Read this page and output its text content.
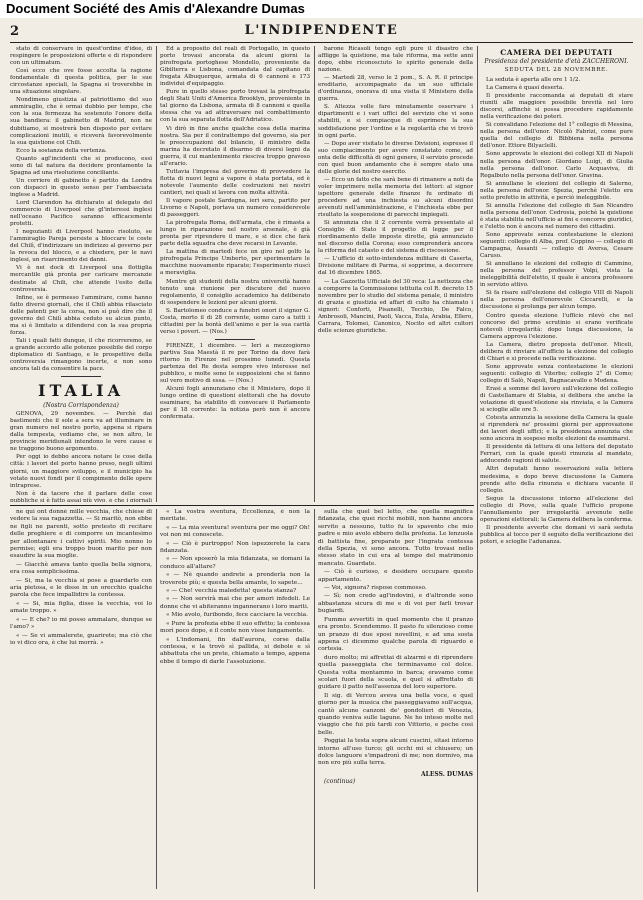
Document Société des Amis d'Alexandre Dumas
2	L'INDIPENDENTE

stato di conservare in quest'ordine d'idee, di respingere le proposizioni offerte e di rispondere con un ultimatum.

Così ecco che ove fosse accolta la ragione fondamentale di questa politica, per le sue circostanze speciali, la Spagna si troverebbe in una situazione singolare.

Nondimeno giustizia al patriottismo del suo ammiraglio, che è ormai dubbio per tempo, che con la sua fermezza ha sostenuto l'onore della sua bandiera: il gabinetto di Madrid, non ne dubitiamo, si mostrerà ben disposto per evitare complicazioni inutili, e riceverà favorevolmente la sua quistione col Chili.

Ecco la sostanza della vertenza.

Quanto agl'incidenti che si producono, essi sono di tal natura da decidere prontamente la Spagna ad una risoluzione conciliante.

Un corriere di gabinetto è partito da Londra con dispacci in questo senso per l'ambasciata inglese a Madrid.

Lord Clarendon ha dichiarato al delegato del commercio di Liverpool che gl'interessi inglesi nell'oceano Pacifico saranno efficacemente protetti.

I negozianti di Liverpool hanno risoluto, se l'ammiraglio Pareja persiste a bloccare le coste del Chilì, d'indirizzare un indirizzo al governo per la revoca del blocco, e a chiedere, per le navi inglesi, un risarcimento dei danni.

Vi è nei dock di Liverpool una flottiglia mercantile già pronta per caricare mercanzie destinate al Chili, che attende l'esito della controversia.

Infine, se è permesso l'ammirare, come hanno fatto diversi giornali, che il Chilì abbia rilasciato delle patenti per la corsa, non si può dire che il governo del Chilì abbia ceduto su alcun punto, ma si è limitato a difendersi con la sua propria forza.

Tali i quali fatti dunque, il che ricorreremo, se a grande accordo alle potenze possibile del corpo diplomatico di Santiago, e le prospettive della controversia rimangono incerte, e non sono ancora tali da consentire la pace.

ITALIA
(Nostra Corrispondenza)

GENOVA, 29 novembre. — Perchè dai bastimenti che il sole a sera va ad illuminare in gran numero nel nostro porto, appena si ripara dalla tempesta, vediamo che, se non altro, le provincie meridionali intendono le vere cause e ne traggono buono argomento.

Per oggi io debbo ancora notare le cose della città: i lavori del porto hanno preso, negli ultimi giorni, un maggiore sviluppo, e il municipio ha votato nuovi fondi per il compimento delle opere intraprese.

Non è da tacere che il parlare delle cose pubbliche si è fatto assai più vivo, e che i giornali

Ed a proposito del reali di Portogallo, in questo porto trovasi ancorata da alcuni giorni la pirofregata portoghese Mondello, proveniente da Gibilterra e Lisbona, comandata dal capitano di fregata Albuquerque, armata di 6 cannoni e 173 individui d'equipaggio.

Pure in quello stesso porto trovasi la pirofregata degli Stati Uniti d'America Brooklyn, proveniente in tal giorno da Lisbona, armata di 8 cannoni e quella stessa che va ad attraversare nel combattimento con la sua separata flotta dell'Adriatico.

Vi dirò in fine anche qualche cosa della marina nostra. Sia per il contrattempo del governo, sia per le preoccupazioni del bilancio, il ministro della marina ha decretato il disarmo di diversi legni da guerra, il cui mantenimento riesciva troppo gravoso all'erario.

Tuttavia l'impresa del governo di provvedere la flotta di nuovi legni a vapore è stata portata, ed è notevole l'aumento delle costruzioni nei nostri cantieri, nei quali si lavora con molta attività.

Il vapore postale Sardegna, ieri sera, partito per Livorno e Napoli, portava un numero considerevole di passeggeri.

La pirofregata Roma, dell'armata, che è rimasta a lungo in riparazione nel nostro arsenale, è già pronta per riprendere il mare, e si dice che farà parte della squadra che deve recarsi in Levante.

La mattina di martedì fece un giro nel golfo la pirofregata Principe Umberto, per sperimentare le macchine nuovamente riparate; l'esperimento riuscì a meraviglia.

Mentre gli studenti della nostra università hanno tenuto una riunione per discutere del nuovo regolamento, il consiglio accademico ha deliberato di sospendere le lezioni per alcuni giorni.

S. Bartolomeo conduce a funebri onori il signor G. Costa, morto il di 28 corrente, uomo caro a tutti i cittadini per la bontà dell'animo e per la sua carità verso i poveri. — (Nos.)

FIRENZE, 1 dicembre. — Ieri a mezzogiorno partiva Sua Maestà il re per Torino da dove farà ritorno in Firenze nel prossimo lunedì. Questa partenza del Re desta sempre vivo interesse nel pubblico, e molte sono le supposizioni che si fanno sul vero motivo di essa. — (Nos.)

Alcuni fogli annunziano che il Ministero, dopo il lungo ordine di questioni elettorali che ha dovuto esaminare, ha stabilito di convocare il Parlamento per il 18 corrente: la notizia però non è ancora confermata.

barone Ricasoli tengo egli pure il disastro che affligge la quistione, ma tale riforma, ma sette anni dopo, ebbe riconosciuto lo spirito generale della nazione.

— Martedì 28, verso le 2 pom., S. A. R. il principe ereditario, accompagnato da un suo ufficiale d'ordinanza, onorava di una visita il Ministero della guerra.

S. Altezza volle fare minutamente osservare i dipartimenti e i vari uffici del servizio che vi sono stabiliti, e si compiacque di esprimere la sua soddisfazione per l'ordine e la regolarità che vi trovò in ogni parte.

— Dopo aver visitato le diverse Divisioni, espresse il suo compiacimento per avere constatato come, ad onta delle difficoltà di ogni genere, il servizio procede con quel buon andamento che è sempre stato una delle glorie del nostro esercito.

— Ecco un fatto che sarà bene di rimanere a noti da voler imprimere nella memoria dei lettori: al signor ispettore generale delle finanze fu ordinato di procedere ad una inchiesta su alcuni disordini avvenuti nell'amministrazione, e l'inchiesta ebbe per risultato la sospensione di parecchi impiegati.

Si annunzia che il 2 corrente verrà presentato al Consiglio di Stato il progetto di legge per il riordinamento delle imposte dirette, già annunziato nel discorso della Corona; esso comprenderà ancora la riforma del catasto e del sistema di riscossione.

— L'ufficio di sotto-intendenza militare di Caserta, Divisione militare di Parma, si sopprime, a decorrere dal 16 dicembre 1865.

— La Gazzetta Ufficiale del 30 reca: La nettezza che a comporre la Commissione istituita col R. decreto 15 novembre per lo studio del sistema penale, il ministro di grazia e giustizia ed affari di culto ha chiamato i signori: Conforti, Pisanelli, Tecchio, De Falco, Ambrosoli, Mancini, Paoli, Vacca, Eula, Arabia, Ellero, Carrara, Tolomei, Canonico, Nocito ed altri cultori delle scienze giuridiche.

CAMERA DEI DEPUTATI
Presidenza del presidente d'età ZACCHERONI.
SEDUTA DEL 28 NOVEMBRE.

La seduta è aperta alle ore 1 1/2.

La Camera è quasi deserta.

Il presidente raccomanda ai deputati di stare riuniti alle maggiore possibile brevità nel loro discorsi, affinchè si possa procedere rapidamente nella verificazione dei poteri.

Si convalidano l'elezione del 1° collegio di Messina, nella persona dell'onor. Nicolò Fabrizi, come pure quella del collegio di Bibbiena nella persona dell'onor. Ettore Bilyaclelli.

Sono approvate le elezioni dei collegi XII di Napoli nella persona dell'onor. Giordano Luigi, di Giulia nella persona dell'onor. Carlo Acquaviva, di Regalbuto nella persona dell'onor. Gravina.

Si annullano le elezioni del collegio di Salerno, nella persona dell'onor. Spezia, perchè l'eletto era sotto prefetto in attività, e perciò ineleggibile.

Si annulla l'elezione del collegio di San Nicandro nella persona dell'onor. Cedrosia, poichè la quistione è stata stabilita nell'ufficio ai fini e concorre giuridici, e l'eletto non è ancora nel numero dei cittadini.

Sono approvate senza contestazione le elezioni seguenti: collegio di Alba, prof. Coppino — collegio di Campagna, Assanti — collegio di Aversa, Cesare Caruso.

Si annullano le elezioni del collegio di Cammino, nella persona del professor Volpi, vista la ineleggibilità dell'eletto, il quale è ancora professore in servizio attivo.

Si fa risare sull'elezione del collegio VIII di Napoli nella persona dell'onorevole Ciccarelli, e la discussione si prolunga per alcun tempo.

Contro questa elezione l'ufficio rilevò che nel concorso del primo scrutinio si erano verificate notevoli irregolarità: dopo lunga discussione, la Camera approva l'elezione.

La Camera, dietro proposta dell'onor. Miceli, delibera di rinviare all'ufficio la elezione del collegio di Chiari e si procede nella verificazione.

Sono approvate senza contestazione le elezioni seguenti: collegio di Viterbo; collegio 2° di Como; collegio di Salò, Napoli, Bagnacavallo e Modena.

Erasi a somme del lavoro sull'elezione del collegio di Castellamare di Stabia, si delibera che anche la votazione di quest'elezione sia rinviata, e la Camera si scioglie alle ore 5.

Cotesta annunzia la sessione della Camera la quale si riprenderà ne' prossimi giorni per approvazione dei lavori degli uffici; e la presidenza annunzia che sono ancora in sospeso molte elezioni da esaminarsi.

Il presidente dà lettura di una lettera del deputato Ferrari, con la quale questi rinunzia al mandato, adducendo ragioni di salute.

Altri deputati fanno osservazioni sulla lettera medesima, e dopo breve discussione la Camera prende atto della rinunzia e dichiara vacante il collegio.

Segue la discussione intorno all'elezione del collegio di Piove, sulla quale l'ufficio propone l'annullamento per irregolarità avvenute nelle operazioni elettorali; la Camera delibera la conferma.

Il presidente avverte che domani vi sarà seduta pubblica al tocco per il seguito della verificazione dei poteri, e scioglie l'adunanza.

ne qui ont donné mille vecchia, che chiese di vedere la sua ragazzetta. — Si maritò, non ebbe ne figli ne parenti, sotto pretesto di recitare delle preghiere e di comporre un incantesimo per allontanare i cattivi spiriti. Mio nonno lo permise; egli era troppo buon marito per non esaudire la sua moglie.

— Giacchè amava tanto quella bella signora, era cosa semplicissima.

— Si, ma la vecchia si pose a guardarlo con aria pietosa, e le disse in un orecchio qualche parola che fece impallidire la contessa.

« — Si, mia figlia, disse la vecchia, voi lo amate troppo. »

« — E che? io mi posso ammalare, dunque se l'amo? »

« — Se vi ammalerete, guarirete; ma ciò che io vi dico ora, è che lui morrà. »

« La vostra sventura, Eccellenza, è non la meritate.

« — La mia sventura! sventura per me oggi? Oh! voi non mi conoscete.

« — Ciò è purtroppo! Non ispezzerete la cara fidanzata.

« — Non sposerò la mia fidanzata, se domani la conduco all'altare?

« — Nè quando andrete a prenderla non la troverete più; e questa bella amante, lo sapete...

« — Che! vecchia maledetta! questa stanza?

« — Non servirà mai che per amori infedeli. Le donne che vi abiteranno ingannerano i loro mariti.

« Mio avolo, furibondo, fece cacciare la vecchia.

« Pure la profezia ebbe il suo effetto; la contessa morì poco dopo, e il conte non visse lungamente.

« L'indomani, fin dall'aurora, corse dalla contessa, e la trovò sì pallida, si debole e sì abbattuta che un prete, chiamato a tempo, appena ebbe il tempo di darle l'assoluzione.

sulla che quel bel letto, che quella magnifica fidanzata, che quei ricchi mobili, non hanno ancora servito a nessuno, tutto fu lo spavento che mio padre e mio avolo ebbero della profezia. Le lenzuola di battista fine, preparate per l'ingrata contessa della Spezia, vi sono ancora. Tutto trovasi nello stesso stato in cui era al tempo del matrimonio mancato. Guardate.

— Ciò è curioso, e desidero occupare questo appartamento.

— Voi, signora? rispose commosso.

— Sì; non credo agl'indovini, e d'altronde sono abbastanza sicura di me e di voi per farli trovar bugiardi.

Fummo avvertiti in quel momento che il pranzo era pronto. Scendemmo. Il pasto fu silenzioso come un pranzo di due sposi novellini, e ad una sosta appena ci dicemmo qualche parola di riguardo e cortesia.

duro molto; mi affrettai di alzarmi e di riprendere quella passeggiata che terminavamo col dolce. Questa volta montammo in barca; eravamo come scolari fuori della scuola, e quel sì affrettato di guidare il patto nell'assenza del loro superiore.

Il sig. di Vercou aveva una bella voce, e quel giorno per la musica che passeggiavamo sull'acqua, cantò alcune canzoni de' gondolieri di Venezia, quando veniva sulle lagune. Ne ho inteso molte nel viaggio che fui più tardi con Vittorio, e poche cosi belle.

Poggiai la testa sopra alcuni cuscini, sitasi intorno intorno all'uso turco; gli occhi mi si chiusero; un dolce languore s'impadronì di me; non dormivo, ma non ero più sulla terra.

ALESS. DUMAS

(continua)
